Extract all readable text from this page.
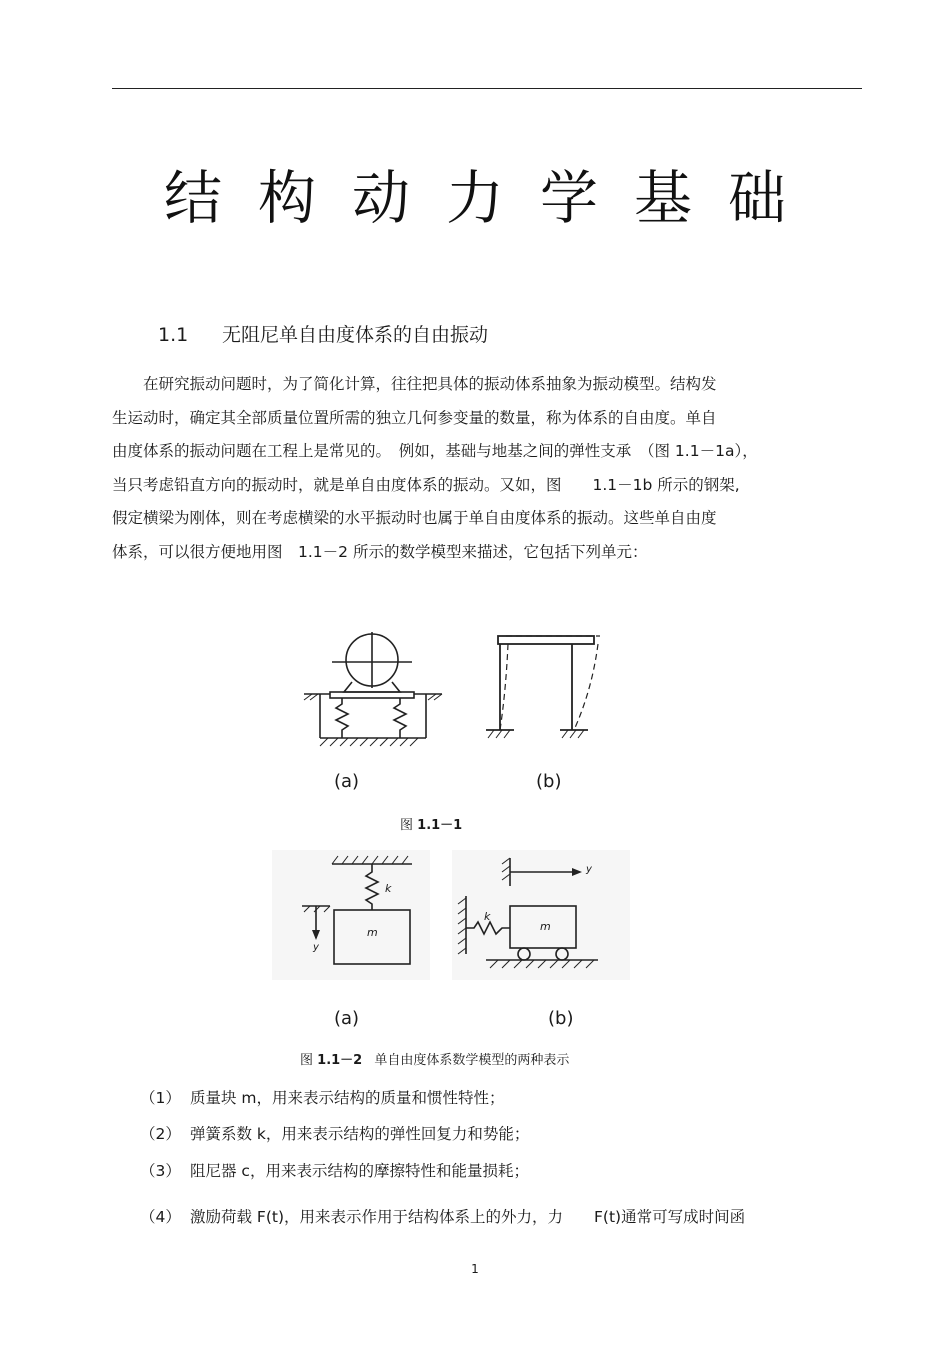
结构动力学基础
1.1 无阻尼单自由度体系的自由振动
　　在研究振动问题时，为了简化计算，往往把具体的振动体系抽象为振动模型。结构发
生运动时，确定其全部质量位置所需的独立几何参变量的数量，称为体系的自由度。单自
由度体系的振动问题在工程上是常见的。　例如，基础与地基之间的弹性支承　（图 1.1－1a），
当只考虑铅直方向的振动时，就是单自由度体系的振动。又如，图　　1.1－1b 所示的钢架,
假定横梁为刚体，则在考虑横梁的水平振动时也属于单自由度体系的振动。这些单自由度
体系，可以很方便地用图　1.1－2 所示的数学模型来描述，它包括下列单元：
(a)	(b)
图 1.1－1
k
m
y
y
k
m
(a)	(b)
图 1.1－2 单自由度体系数学模型的两种表示
（1） 质量块 m，用来表示结构的质量和惯性特性；
（2） 弹簧系数 k，用来表示结构的弹性回复力和势能；
（3） 阻尼器 c，用来表示结构的摩擦特性和能量损耗；
（4） 激励荷载 F(t)，用来表示作用于结构体系上的外力，力　　F(t)通常可写成时间函
1
